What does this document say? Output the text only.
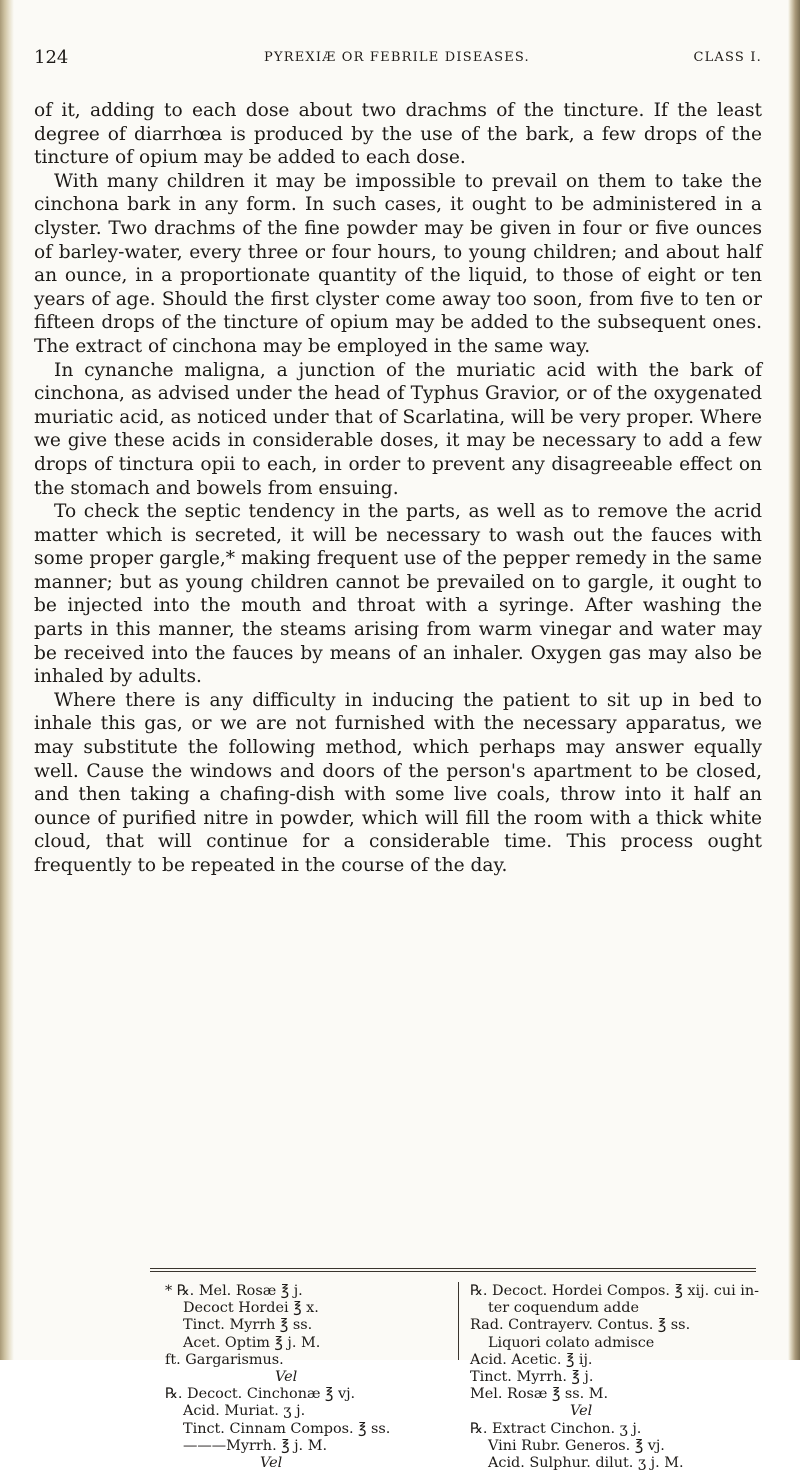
124	PYREXIÆ OR FEBRILE DISEASES.	CLASS I.

of it, adding to each dose about two drachms of the tincture. If the least degree of diarrhœa is produced by the use of the bark, a few drops of the tincture of opium may be added to each dose.

With many children it may be impossible to prevail on them to take the cinchona bark in any form. In such cases, it ought to be administered in a clyster. Two drachms of the fine powder may be given in four or five ounces of barley-water, every three or four hours, to young children; and about half an ounce, in a proportionate quantity of the liquid, to those of eight or ten years of age. Should the first clyster come away too soon, from five to ten or fifteen drops of the tincture of opium may be added to the subsequent ones. The extract of cinchona may be employed in the same way.

In cynanche maligna, a junction of the muriatic acid with the bark of cinchona, as advised under the head of Typhus Gravior, or of the oxygenated muriatic acid, as noticed under that of Scarlatina, will be very proper. Where we give these acids in considerable doses, it may be necessary to add a few drops of tinctura opii to each, in order to prevent any disagreeable effect on the stomach and bowels from ensuing.

To check the septic tendency in the parts, as well as to remove the acrid matter which is secreted, it will be necessary to wash out the fauces with some proper gargle,* making frequent use of the pepper remedy in the same manner; but as young children cannot be prevailed on to gargle, it ought to be injected into the mouth and throat with a syringe. After washing the parts in this manner, the steams arising from warm vinegar and water may be received into the fauces by means of an inhaler. Oxygen gas may also be inhaled by adults.

Where there is any difficulty in inducing the patient to sit up in bed to inhale this gas, or we are not furnished with the necessary apparatus, we may substitute the following method, which perhaps may answer equally well. Cause the windows and doors of the person's apartment to be closed, and then taking a chafing-dish with some live coals, throw into it half an ounce of purified nitre in powder, which will fill the room with a thick white cloud, that will continue for a considerable time. This process ought frequently to be repeated in the course of the day.

* ℞. Mel. Rosæ ℥ j.
Decoct Hordei ℥ x.
Tinct. Myrrh ℥ ss.
Acet. Optim ℥ j. M.
ft. Gargarismus.
Vel
℞. Decoct. Cinchonæ ℥ vj.
Acid. Muriat. ʒ j.
Tinct. Cinnam Compos. ℥ ss.
———Myrrh. ℥ j. M.
Vel
℞. Decoct. Hordei Compos. ℥ xij. cui in-
ter coquendum adde
Rad. Contrayerv. Contus. ℥ ss.
Liquori colato admisce
Acid. Acetic. ℥ ij.
Tinct. Myrrh. ℥ j.
Mel. Rosæ ℥ ss. M.
Vel
℞. Extract Cinchon. ʒ j.
Vini Rubr. Generos. ℥ vj.
Acid. Sulphur. dilut. ʒ j. M.
